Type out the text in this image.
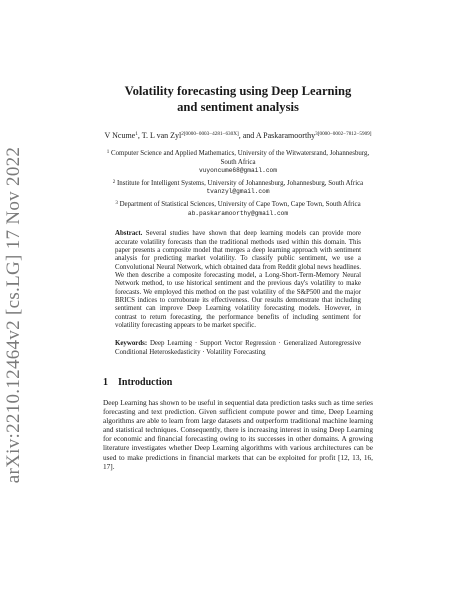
arXiv:2210.12464v2 [cs.LG] 17 Nov 2022
Volatility forecasting using Deep Learning and sentiment analysis

V Ncume$^1$, T. L van Zyl$^{2[0000-0003-4281-630X]}$, and A Paskaramoorthy$^{3[0000-0002-7812-5909]}$

$^1$ Computer Science and Applied Mathematics, University of the Witwatersrand, Johannesburg, South Africa
vuyoncume68@gmail.com
$^2$ Institute for Intelligent Systems, University of Johannesburg, Johannesburg, South Africa
tvanzyl@gmail.com
$^3$ Department of Statistical Sciences, University of Cape Town, Cape Town, South Africa
ab.paskaramoorthy@gmail.com

Abstract. Several studies have shown that deep learning models can provide more accurate volatility forecasts than the traditional methods used within this domain. This paper presents a composite model that merges a deep learning approach with sentiment analysis for predicting market volatility. To classify public sentiment, we use a Convolutional Neural Network, which obtained data from Reddit global news headlines. We then describe a composite forecasting model, a Long-Short-Term-Memory Neural Network method, to use historical sentiment and the previous day's volatility to make forecasts. We employed this method on the past volatility of the S&P500 and the major BRICS indices to corroborate its effectiveness. Our results demonstrate that including sentiment can improve Deep Learning volatility forecasting models. However, in contrast to return forecasting, the performance benefits of including sentiment for volatility forecasting appears to be market specific.

Keywords: Deep Learning · Support Vector Regression · Generalized Autoregressive Conditional Heteroskedasticity · Volatility Forecasting

1 Introduction

Deep Learning has shown to be useful in sequential data prediction tasks such as time series forecasting and text prediction. Given sufficient compute power and time, Deep Learning algorithms are able to learn from large datasets and outperform traditional machine learning and statistical techniques. Consequently, there is increasing interest in using Deep Learning for economic and financial forecasting owing to its successes in other domains. A growing literature investigates whether Deep Learning algorithms with various architectures can be used to make predictions in financial markets that can be exploited for profit [12, 13, 16, 17].
